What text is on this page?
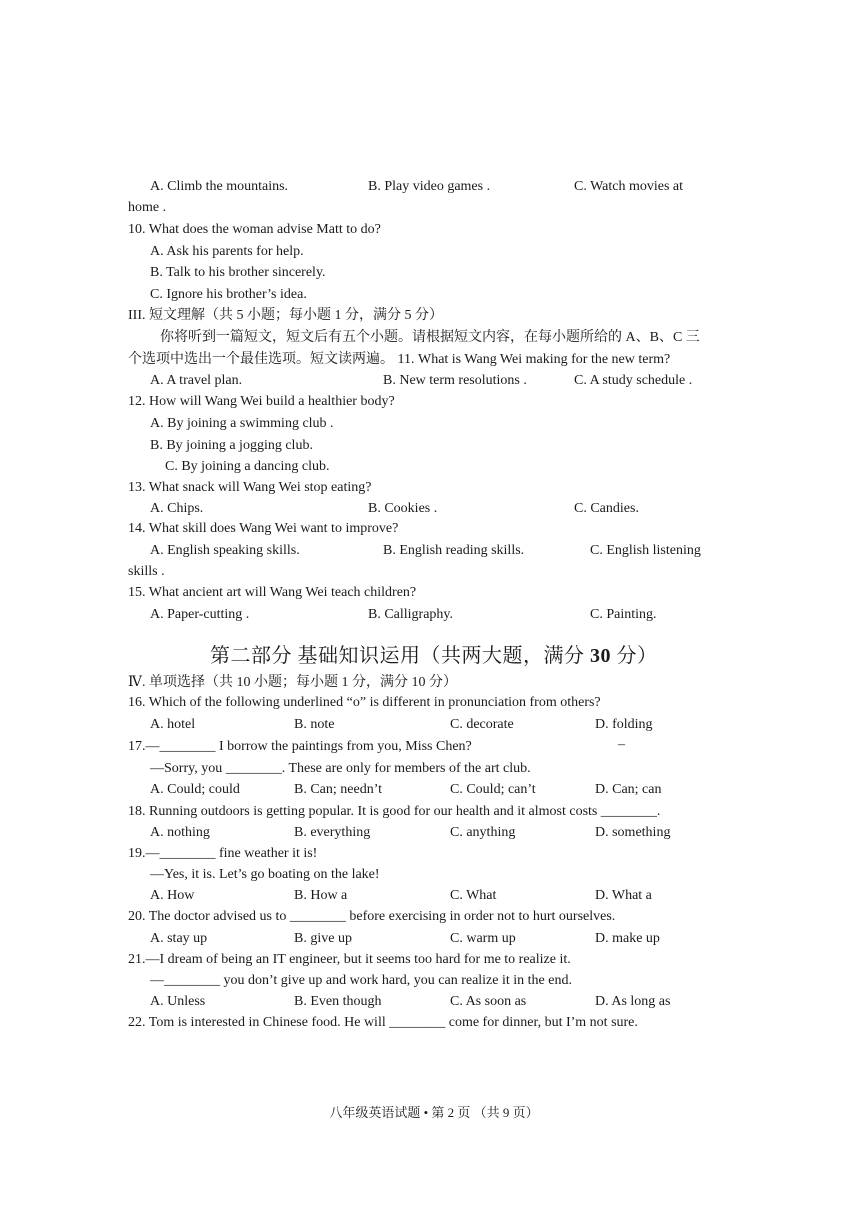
A. Climb the mountains.	B. Play video games .	C. Watch movies at
home .
10. What does the woman advise Matt to do?
A. Ask his parents for help.
B. Talk to his brother sincerely.
C. Ignore his brother’s idea.
III. 短文理解（共 5 小题；每小题 1 分，满分 5 分）
你将听到一篇短文，短文后有五个小题。请根据短文内容，在每小题所给的 A、B、C 三
个选项中选出一个最佳选项。短文读两遍。 11. What is Wang Wei making for the new term?
A. A travel plan.	B. New term resolutions .	C. A study schedule .
12. How will Wang Wei build a healthier body?
A. By joining a swimming club .
B. By joining a jogging club.
C. By joining a dancing club.
13. What snack will Wang Wei stop eating?
A. Chips.	B. Cookies .	C. Candies.
14. What skill does Wang Wei want to improve?
A. English speaking skills.	B. English reading skills.	C. English listening
skills .
15. What ancient art will Wang Wei teach children?
A. Paper-cutting .	B. Calligraphy.	C. Painting.
第二部分 基础知识运用（共两大题，满分 30 分）
Ⅳ. 单项选择（共 10 小题；每小题 1 分，满分 10 分）
16. Which of the following underlined “o” is different in pronunciation from others?
A. hotel	B. note	C. decorate	D. folding
17.—________ I borrow the paintings from you, Miss Chen?	–
—Sorry, you ________. These are only for members of the art club.
A. Could; could	B. Can; needn’t	C. Could; can’t	D. Can; can
18. Running outdoors is getting popular. It is good for our health and it almost costs ________.
A. nothing	B. everything	C. anything	D. something
19.—________ fine weather it is!
—Yes, it is. Let’s go boating on the lake!
A. How	B. How a	C. What	D. What a
20. The doctor advised us to ________ before exercising in order not to hurt ourselves.
A. stay up	B. give up	C. warm up	D. make up
21.—I dream of being an IT engineer, but it seems too hard for me to realize it.
—________ you don’t give up and work hard, you can realize it in the end.
A. Unless	B. Even though	C. As soon as	D. As long as
22. Tom is interested in Chinese food. He will ________ come for dinner, but I’m not sure.
八年级英语试题 • 第 2 页 （共 9 页）
